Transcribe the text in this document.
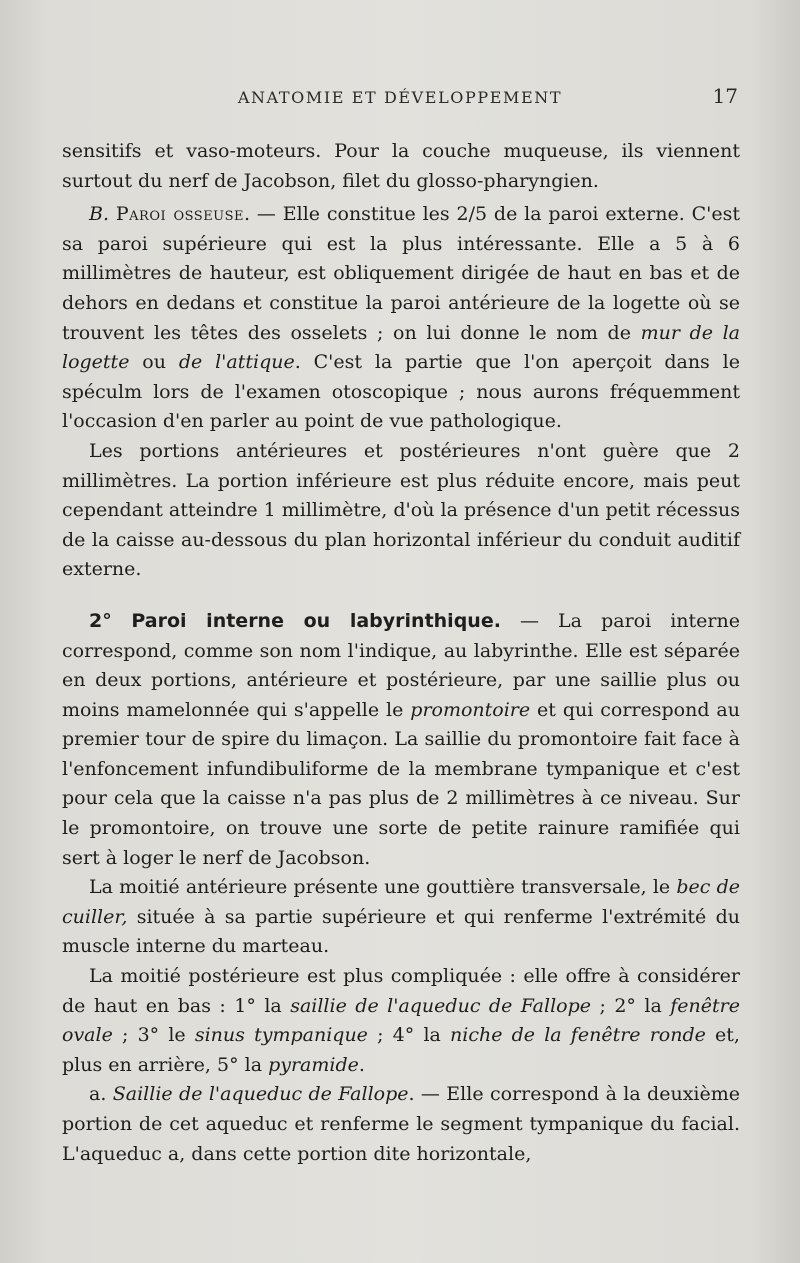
ANATOMIE ET DÉVELOPPEMENT	17

sensitifs et vaso-moteurs. Pour la couche muqueuse, ils viennent surtout du nerf de Jacobson, filet du glosso-pharyngien.

B. Paroi osseuse. — Elle constitue les 2/5 de la paroi externe. C'est sa paroi supérieure qui est la plus intéressante. Elle a 5 à 6 millimètres de hauteur, est obliquement dirigée de haut en bas et de dehors en dedans et constitue la paroi antérieure de la logette où se trouvent les têtes des osselets ; on lui donne le nom de mur de la logette ou de l'attique. C'est la partie que l'on aperçoit dans le spéculm lors de l'examen otoscopique ; nous aurons fréquemment l'occasion d'en parler au point de vue pathologique.

Les portions antérieures et postérieures n'ont guère que 2 millimètres. La portion inférieure est plus réduite encore, mais peut cependant atteindre 1 millimètre, d'où la présence d'un petit récessus de la caisse au-dessous du plan horizontal inférieur du conduit auditif externe.

2° Paroi interne ou labyrinthique. — La paroi interne correspond, comme son nom l'indique, au labyrinthe. Elle est séparée en deux portions, antérieure et postérieure, par une saillie plus ou moins mamelonnée qui s'appelle le promontoire et qui correspond au premier tour de spire du limaçon. La saillie du promontoire fait face à l'enfoncement infundibuliforme de la membrane tympanique et c'est pour cela que la caisse n'a pas plus de 2 millimètres à ce niveau. Sur le promontoire, on trouve une sorte de petite rainure ramifiée qui sert à loger le nerf de Jacobson.

La moitié antérieure présente une gouttière transversale, le bec de cuiller, située à sa partie supérieure et qui renferme l'extrémité du muscle interne du marteau.

La moitié postérieure est plus compliquée : elle offre à considérer de haut en bas : 1° la saillie de l'aqueduc de Fallope ; 2° la fenêtre ovale ; 3° le sinus tympanique ; 4° la niche de la fenêtre ronde et, plus en arrière, 5° la pyramide.

a. Saillie de l'aqueduc de Fallope. — Elle correspond à la deuxième portion de cet aqueduc et renferme le segment tympanique du facial. L'aqueduc a, dans cette portion dite horizontale,
